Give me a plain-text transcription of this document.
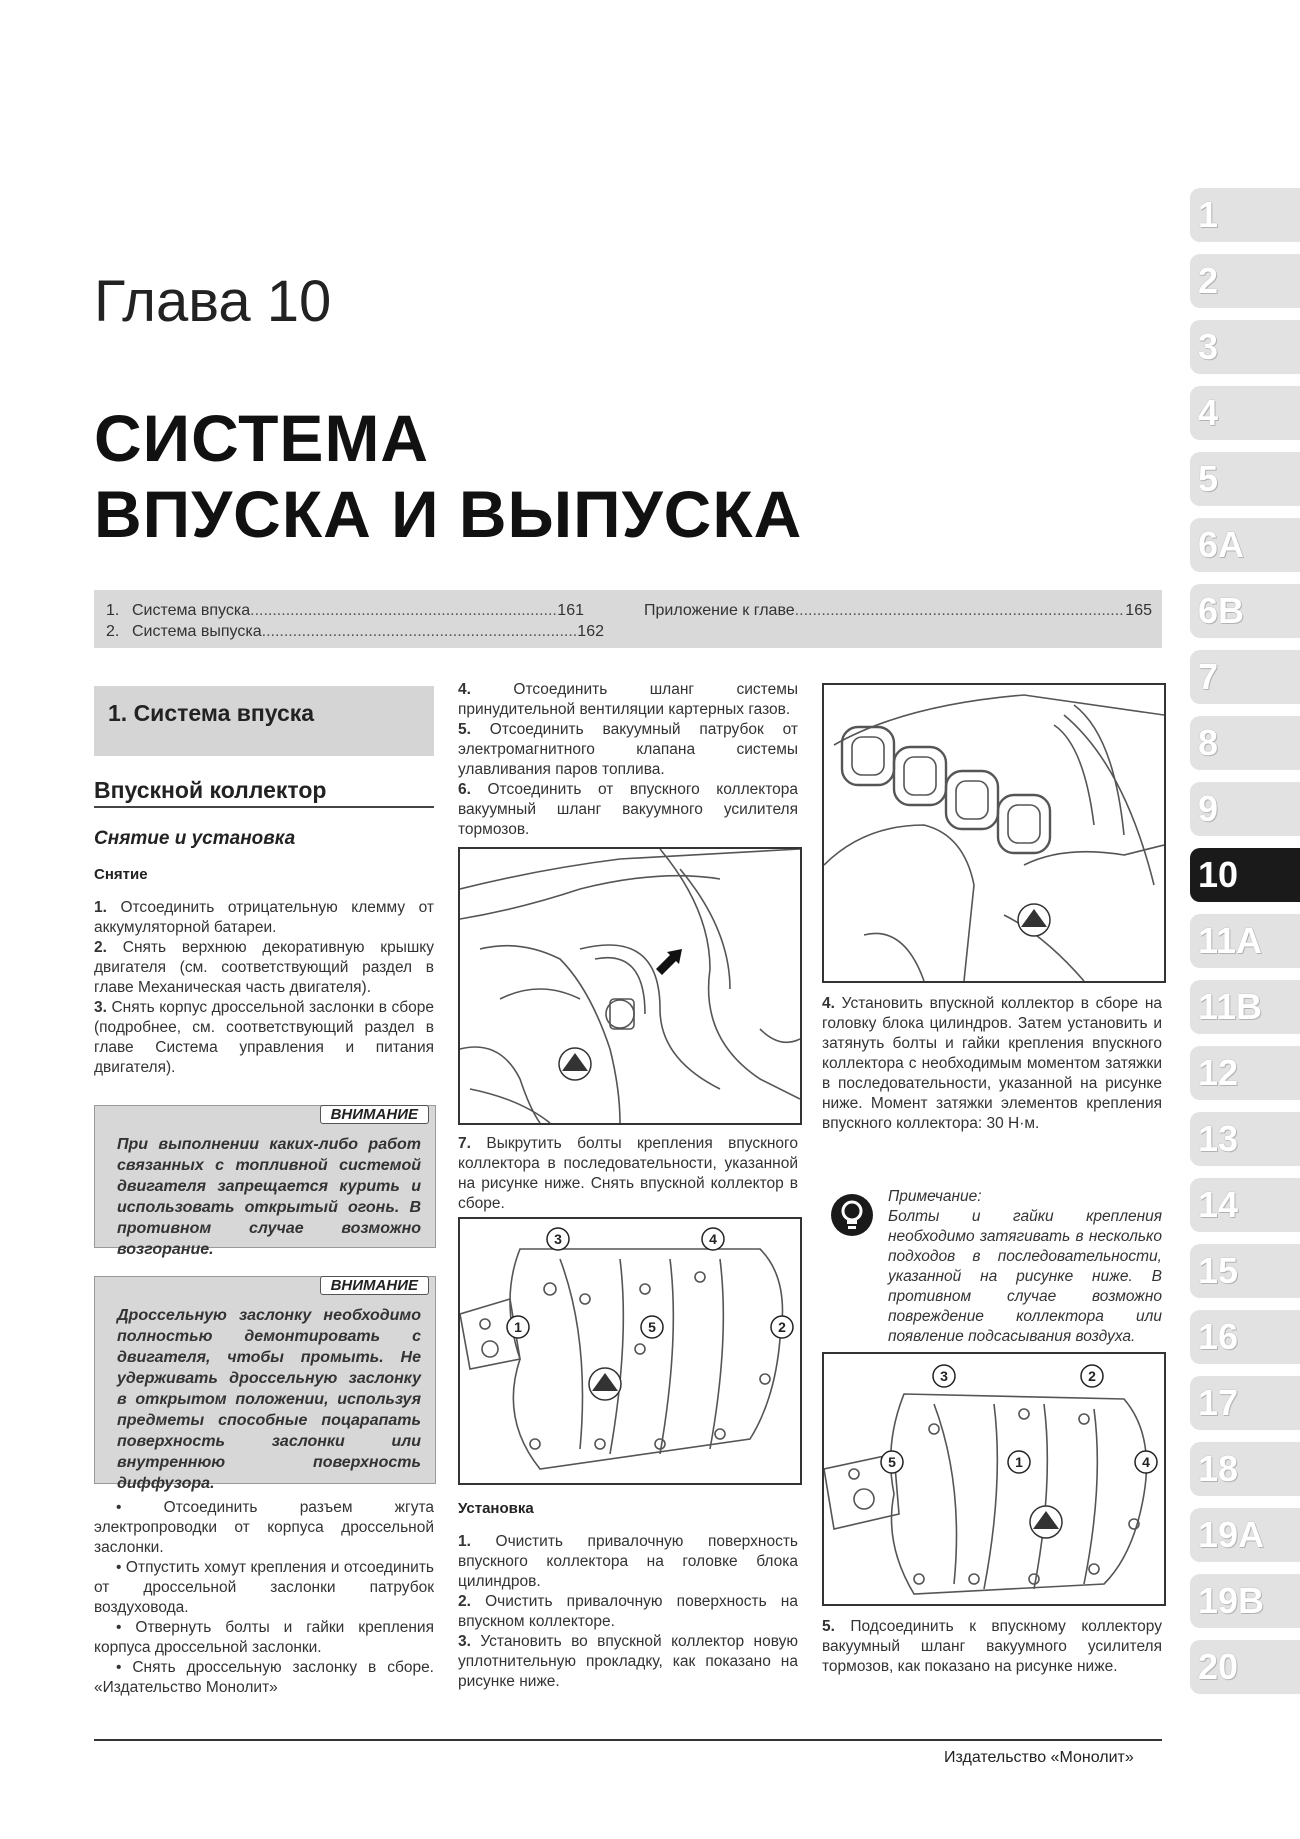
Глава 10
СИСТЕМА
ВПУСКА И ВЫПУСКА
1. Система впуска .....	161
2. Система выпуска .....	162
Приложение к главе .....	165
1
2
3
4
5
6A
6B
7
8
9
10
11A
11B
12
13
14
15
16
17
18
19A
19B
20
1. Система впуска
Впускной коллектор
Снятие и установка
Снятие

1. Отсоединить отрицательную клемму от аккумуляторной батареи.

2. Снять верхнюю декоративную крышку двигателя (см. соответствующий раздел в главе Механическая часть двигателя).

3. Снять корпус дроссельной заслонки в сборе (подробнее, см. соответствующий раздел в главе Система управления и питания двигателя).

ВНИМАНИЕ
При выполнении каких-либо работ связанных с топливной системой двигателя запрещается курить и использовать открытый огонь. В противном случае возможно возгорание.
ВНИМАНИЕ
Дроссельную заслонку необходимо полностью демонтировать с двигателя, чтобы промыть. Не удерживать дроссельную заслонку в открытом положении, используя предметы способные поцарапать поверхность заслонки или внутреннюю поверхность диффузора.

• Отсоединить разъем жгута электропроводки от корпуса дроссельной заслонки.

• Отпустить хомут крепления и отсоединить от дроссельной заслонки патрубок воздуховода.

• Отвернуть болты и гайки крепления корпуса дроссельной заслонки.

• Снять дроссельную заслонку в сборе. «Издательство Монолит»

4.	Отсоединить шланг системы принудительной вентиляции картерных газов.

5. Отсоединить вакуумный патрубок от электромагнитного клапана системы улавливания паров топлива.

6. Отсоединить от впускного коллектора вакуумный шланг вакуумного усилителя тормозов.

7. Выкрутить болты крепления впускного коллектора в последовательности, указанной на рисунке ниже. Снять впускной коллектор в сборе.

3	4
1	5	2
Установка

1. Очистить привалочную поверхность впускного коллектора на головке блока цилиндров.

2. Очистить привалочную поверхность на впускном коллекторе.

3. Установить во впускной коллектор новую уплотнительную прокладку, как показано на рисунке ниже.

4. Установить впускной коллектор в сборе на головку блока цилиндров. Затем установить и затянуть болты и гайки крепления впускного коллектора с необходимым моментом затяжки в последовательности, указанной на рисунке ниже. Момент затяжки элементов крепления впускного коллектора: 30 Н·м.

Примечание:

Болты и гайки крепления необходимо затягивать в несколько подходов в последовательности, указанной на рисунке ниже. В противном случае возможно повреждение коллектора или появление подсасывания воздуха.
3	2
5	1	4

5. Подсоединить к впускному коллектору вакуумный шланг вакуумного усилителя тормозов, как показано на рисунке ниже.

Издательство «Монолит»
